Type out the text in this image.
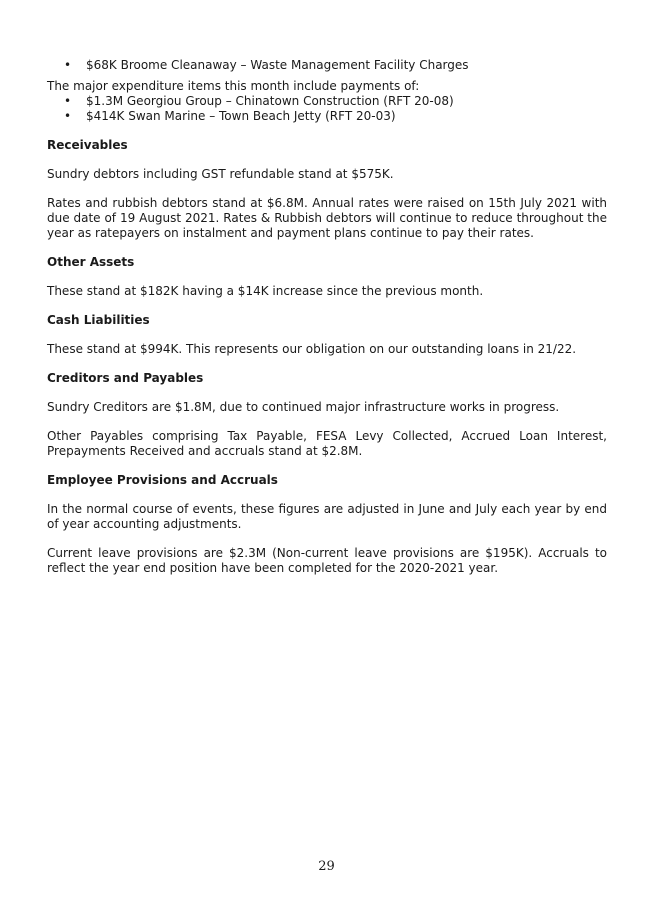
• $68K Broome Cleanaway – Waste Management Facility Charges

The major expenditure items this month include payments of:

• $1.3M Georgiou Group – Chinatown Construction (RFT 20-08)
• $414K Swan Marine – Town Beach Jetty (RFT 20-03)
Receivables

Sundry debtors including GST refundable stand at $575K.

Rates and rubbish debtors stand at $6.8M. Annual rates were raised on 15th July 2021 with due date of 19 August 2021. Rates & Rubbish debtors will continue to reduce throughout the year as ratepayers on instalment and payment plans continue to pay their rates.

Other Assets

These stand at $182K having a $14K increase since the previous month.

Cash Liabilities

These stand at $994K. This represents our obligation on our outstanding loans in 21/22.

Creditors and Payables

Sundry Creditors are $1.8M, due to continued major infrastructure works in progress.

Other Payables comprising Tax Payable, FESA Levy Collected, Accrued Loan Interest, Prepayments Received and accruals stand at $2.8M.

Employee Provisions and Accruals

In the normal course of events, these figures are adjusted in June and July each year by end of year accounting adjustments.

Current leave provisions are $2.3M (Non-current leave provisions are $195K). Accruals to reflect the year end position have been completed for the 2020-2021 year.

29
